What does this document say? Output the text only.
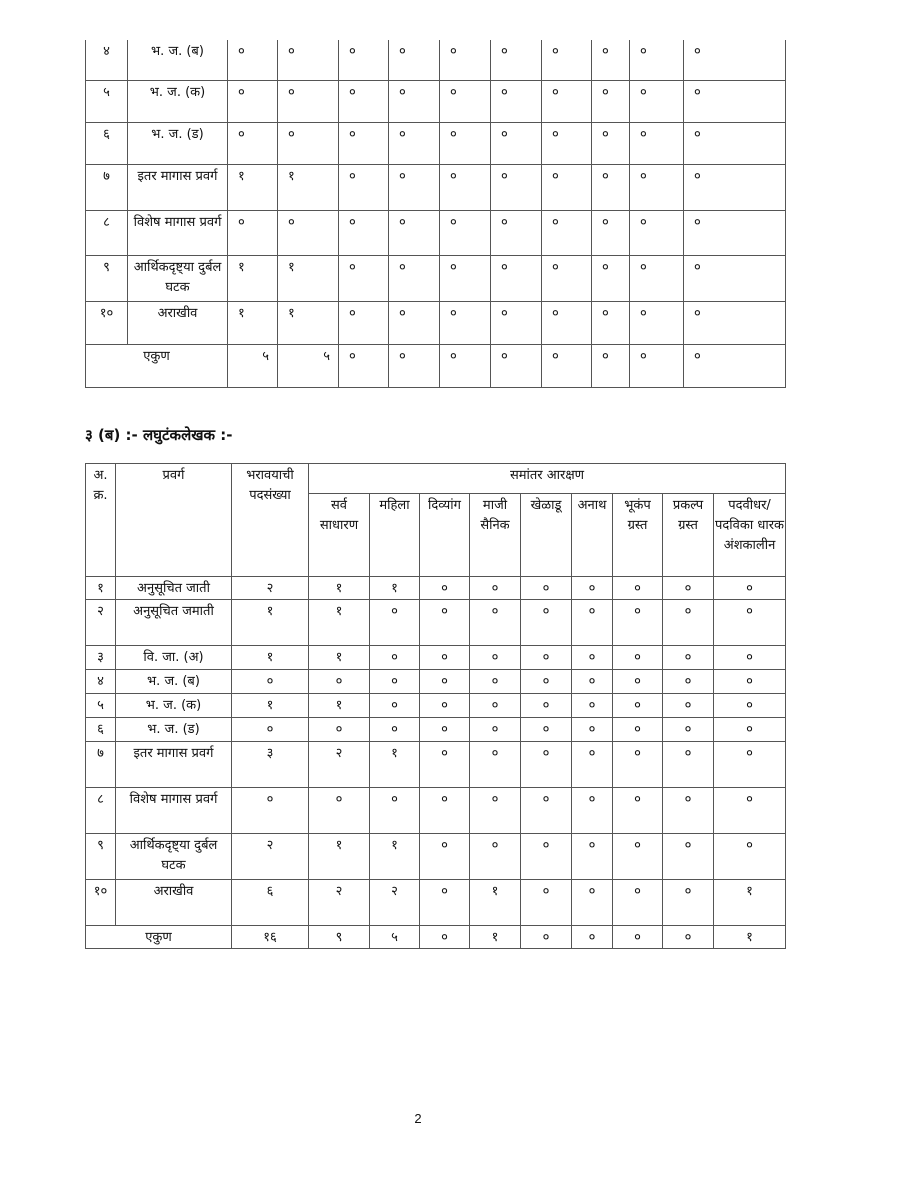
४	भ. ज. (ब)	०	०	०	०	०	०	०	०	०	०
५	भ. ज. (क)	०	०	०	०	०	०	०	०	०	०
६	भ. ज. (ड)	०	०	०	०	०	०	०	०	०	०
७	इतर मागास प्रवर्ग	१	१	०	०	०	०	०	०	०	०
८	विशेष मागास प्रवर्ग	०	०	०	०	०	०	०	०	०	०
९	आर्थिकदृष्ट्या दुर्बल घटक	१	१	०	०	०	०	०	०	०	०
१०	अराखीव	१	१	०	०	०	०	०	०	०	०
एकुण		५	५	०	०	०	०	०	०	०	०
३ (ब) :- लघुटंकलेखक :-
अ. क्र.	प्रवर्ग	भरावयाची पदसंख्या	समांतर आरक्षण								
			सर्व साधारण	महिला	दिव्यांग	माजी सैनिक	खेळाडू	अनाथ	भूकंप ग्रस्त	प्रकल्प ग्रस्त	पदवीधर/ पदविका धारक अंशकालीन
१	अनुसूचित जाती	२	१	१	०	०	०	०	०	०	०
२	अनुसूचित जमाती	१	१	०	०	०	०	०	०	०	०
३	वि. जा. (अ)	१	१	०	०	०	०	०	०	०	०
४	भ. ज. (ब)	०	०	०	०	०	०	०	०	०	०
५	भ. ज. (क)	१	१	०	०	०	०	०	०	०	०
६	भ. ज. (ड)	०	०	०	०	०	०	०	०	०	०
७	इतर मागास प्रवर्ग	३	२	१	०	०	०	०	०	०	०
८	विशेष मागास प्रवर्ग	०	०	०	०	०	०	०	०	०	०
९	आर्थिकदृष्ट्या दुर्बल घटक	२	१	१	०	०	०	०	०	०	०
१०	अराखीव	६	२	२	०	१	०	०	०	०	१
एकुण		१६	९	५	०	१	०	०	०	०	१
2
